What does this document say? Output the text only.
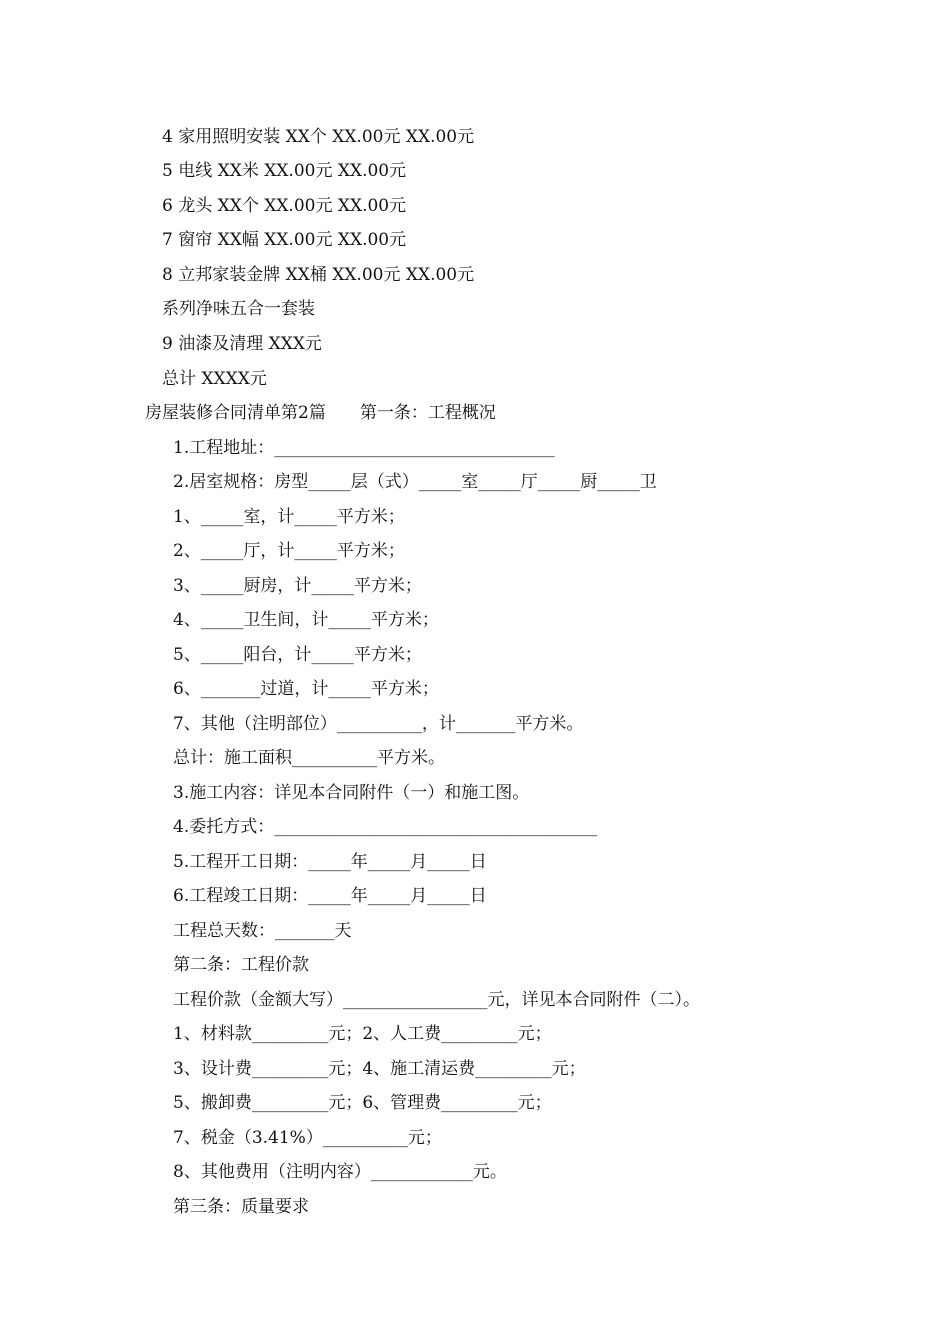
4 家用照明安装 XX个 XX.00元 XX.00元
5 电线 XX米 XX.00元 XX.00元
6 龙头 XX个 XX.00元 XX.00元
7 窗帘 XX幅 XX.00元 XX.00元
8 立邦家装金牌 XX桶 XX.00元 XX.00元
系列净味五合一套装
9 油漆及清理 XXX元
总计 XXXX元
房屋装修合同清单第2篇　　第一条：工程概况
1.工程地址：_________________________________
2.居室规格：房型_____层（式）_____室_____厅_____厨_____卫
1、_____室，计_____平方米；
2、_____厅，计_____平方米；
3、_____厨房，计_____平方米；
4、_____卫生间，计_____平方米；
5、_____阳台，计_____平方米；
6、_______过道，计_____平方米；
7、其他（注明部位）__________，计_______平方米。
总计：施工面积__________平方米。
3.施工内容：详见本合同附件（一）和施工图。
4.委托方式：______________________________________
5.工程开工日期：_____年_____月_____日
6.工程竣工日期：_____年_____月_____日
工程总天数：_______天
第二条：工程价款
工程价款（金额大写）_________________元，详见本合同附件（二）。
1、材料款_________元；2、人工费_________元；
3、设计费_________元；4、施工清运费_________元；
5、搬卸费_________元；6、管理费_________元；
7、税金（3.41%）__________元；
8、其他费用（注明内容）____________元。
第三条：质量要求
